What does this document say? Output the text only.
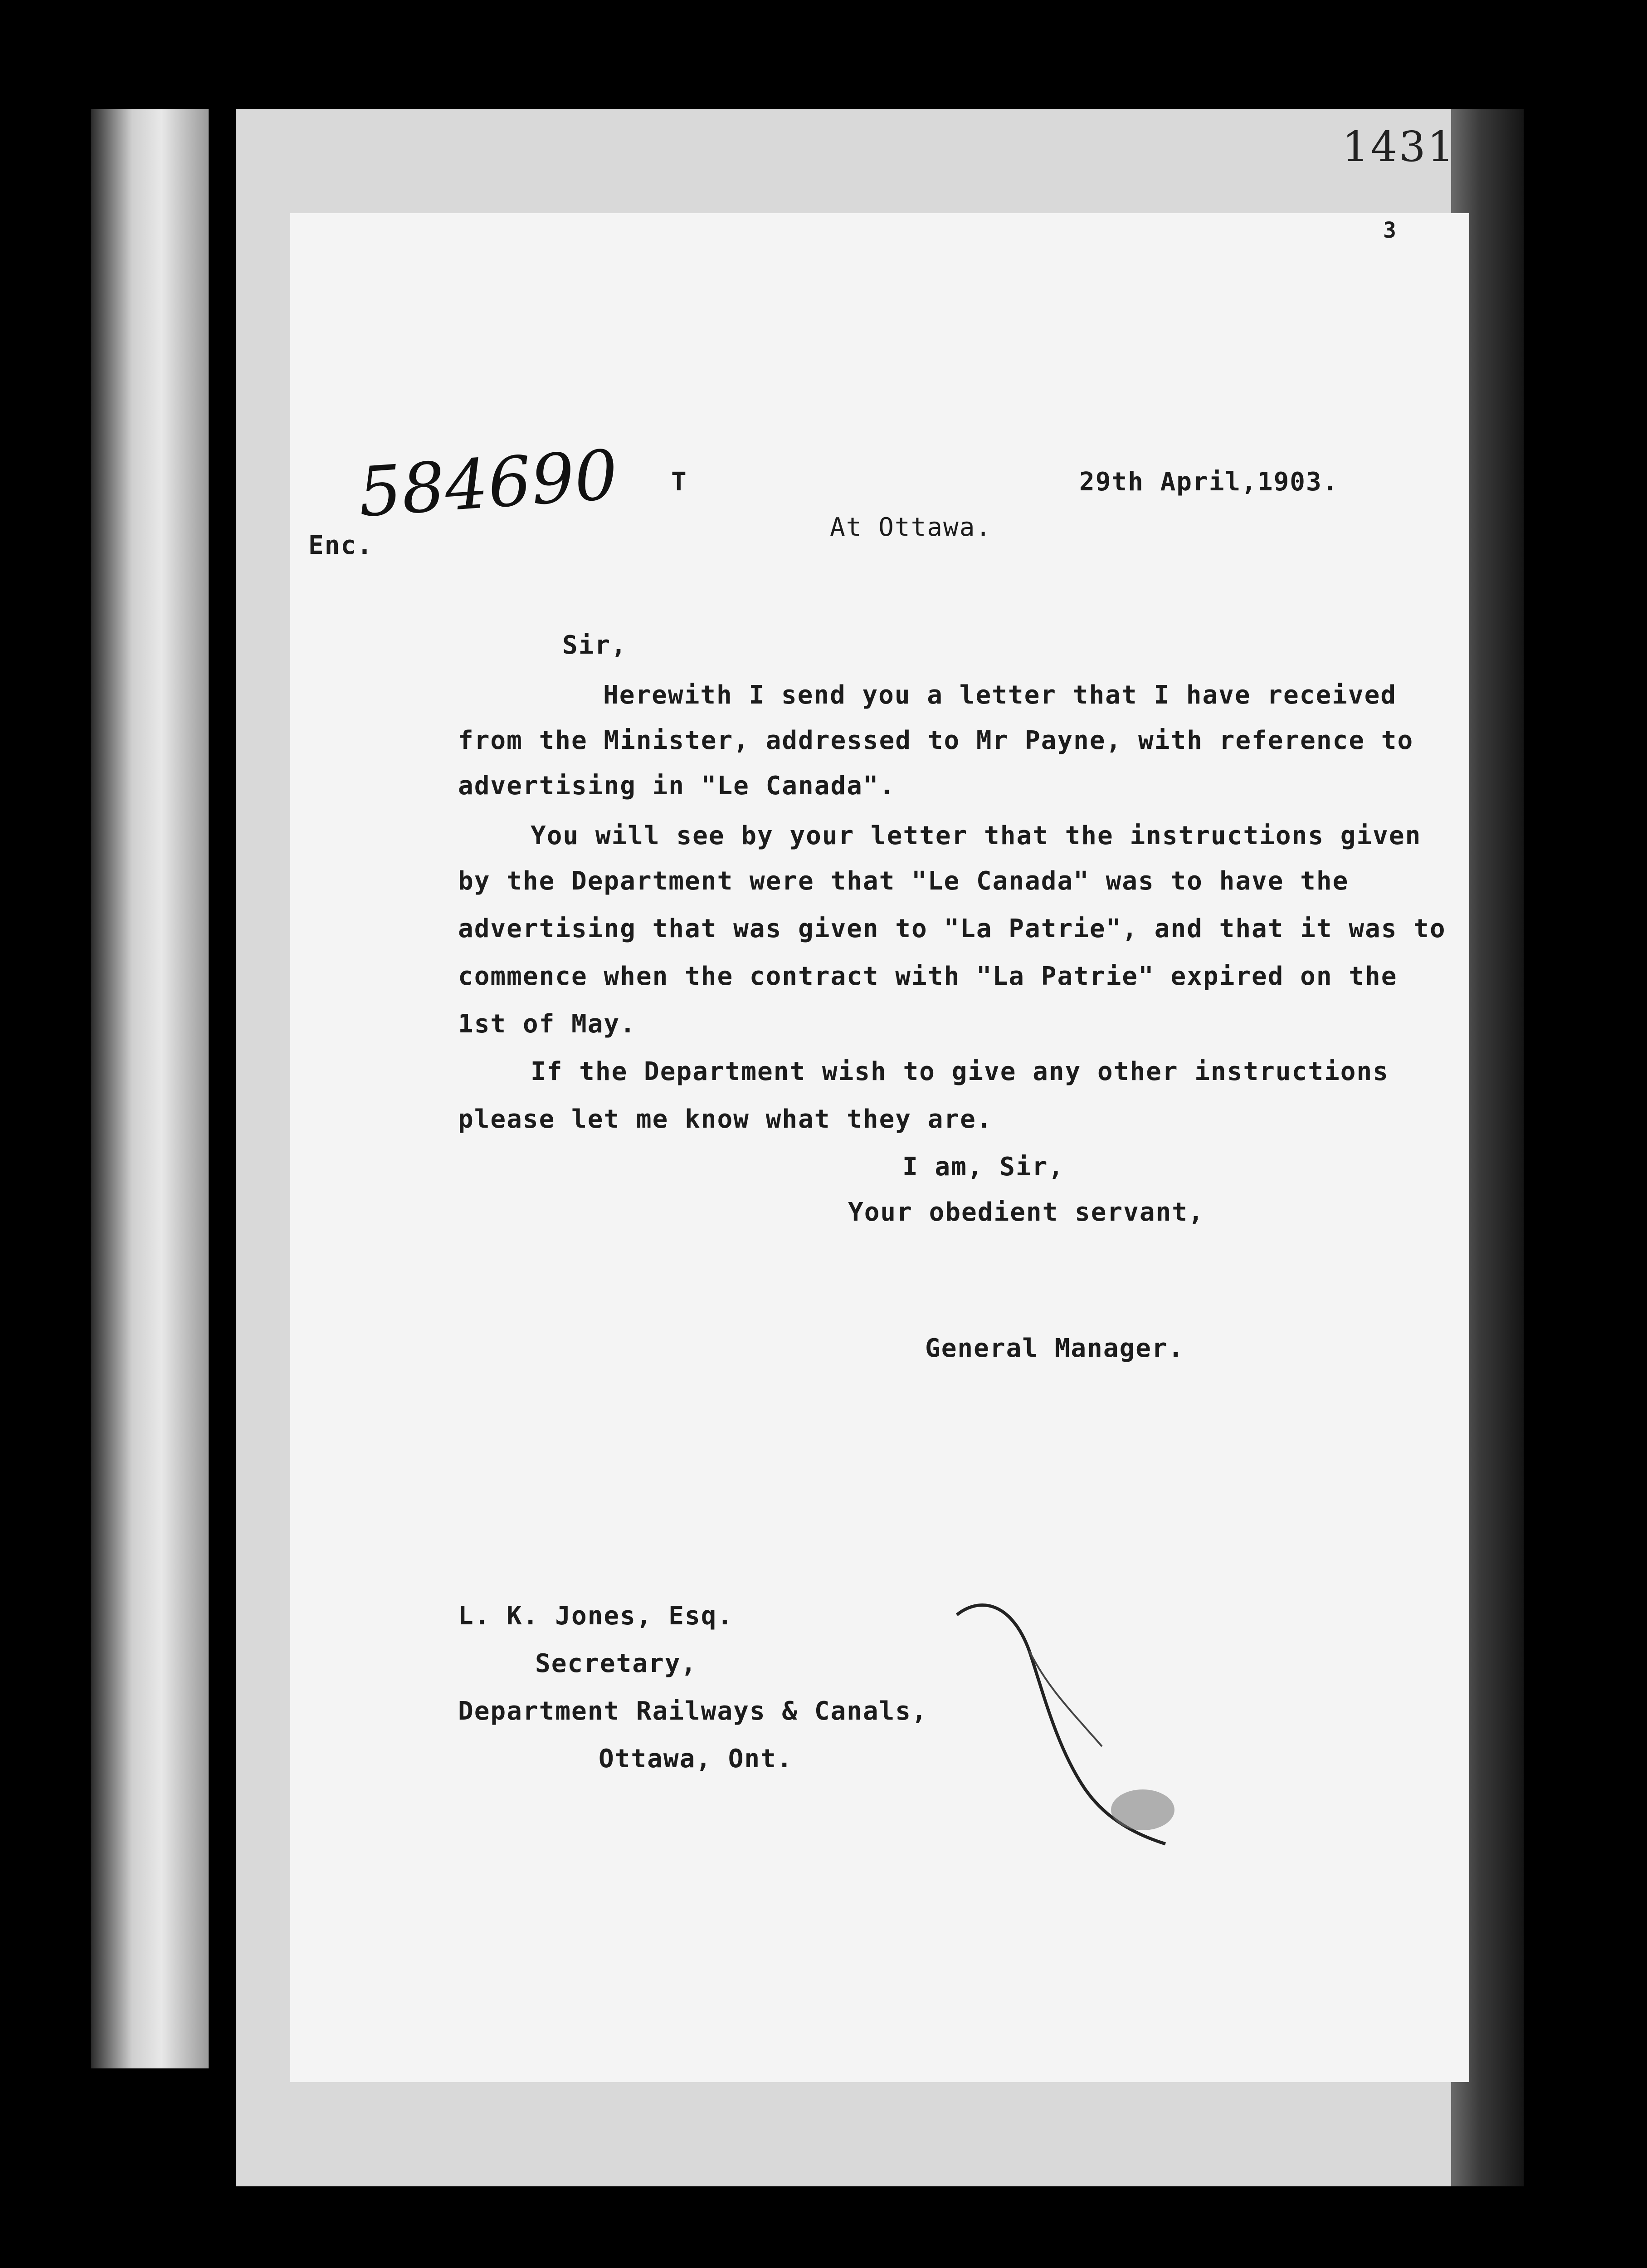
1431
3
584690 T	29th April,1903.
At Ottawa.
Enc.
Sir,
Herewith I send you a letter that I have received
from the Minister, addressed to Mr Payne, with reference to
advertising in "Le Canada".
You will see by your letter that the instructions given
by the Department were that "Le Canada" was to have the
advertising that was given to "La Patrie", and that it was to
commence when the contract with "La Patrie" expired on the
1st of May.
If the Department wish to give any other instructions
please let me know what they are.
I am, Sir,
Your obedient servant,
General Manager.
L. K. Jones, Esq.
Secretary,
Department Railways & Canals,
Ottawa, Ont.
